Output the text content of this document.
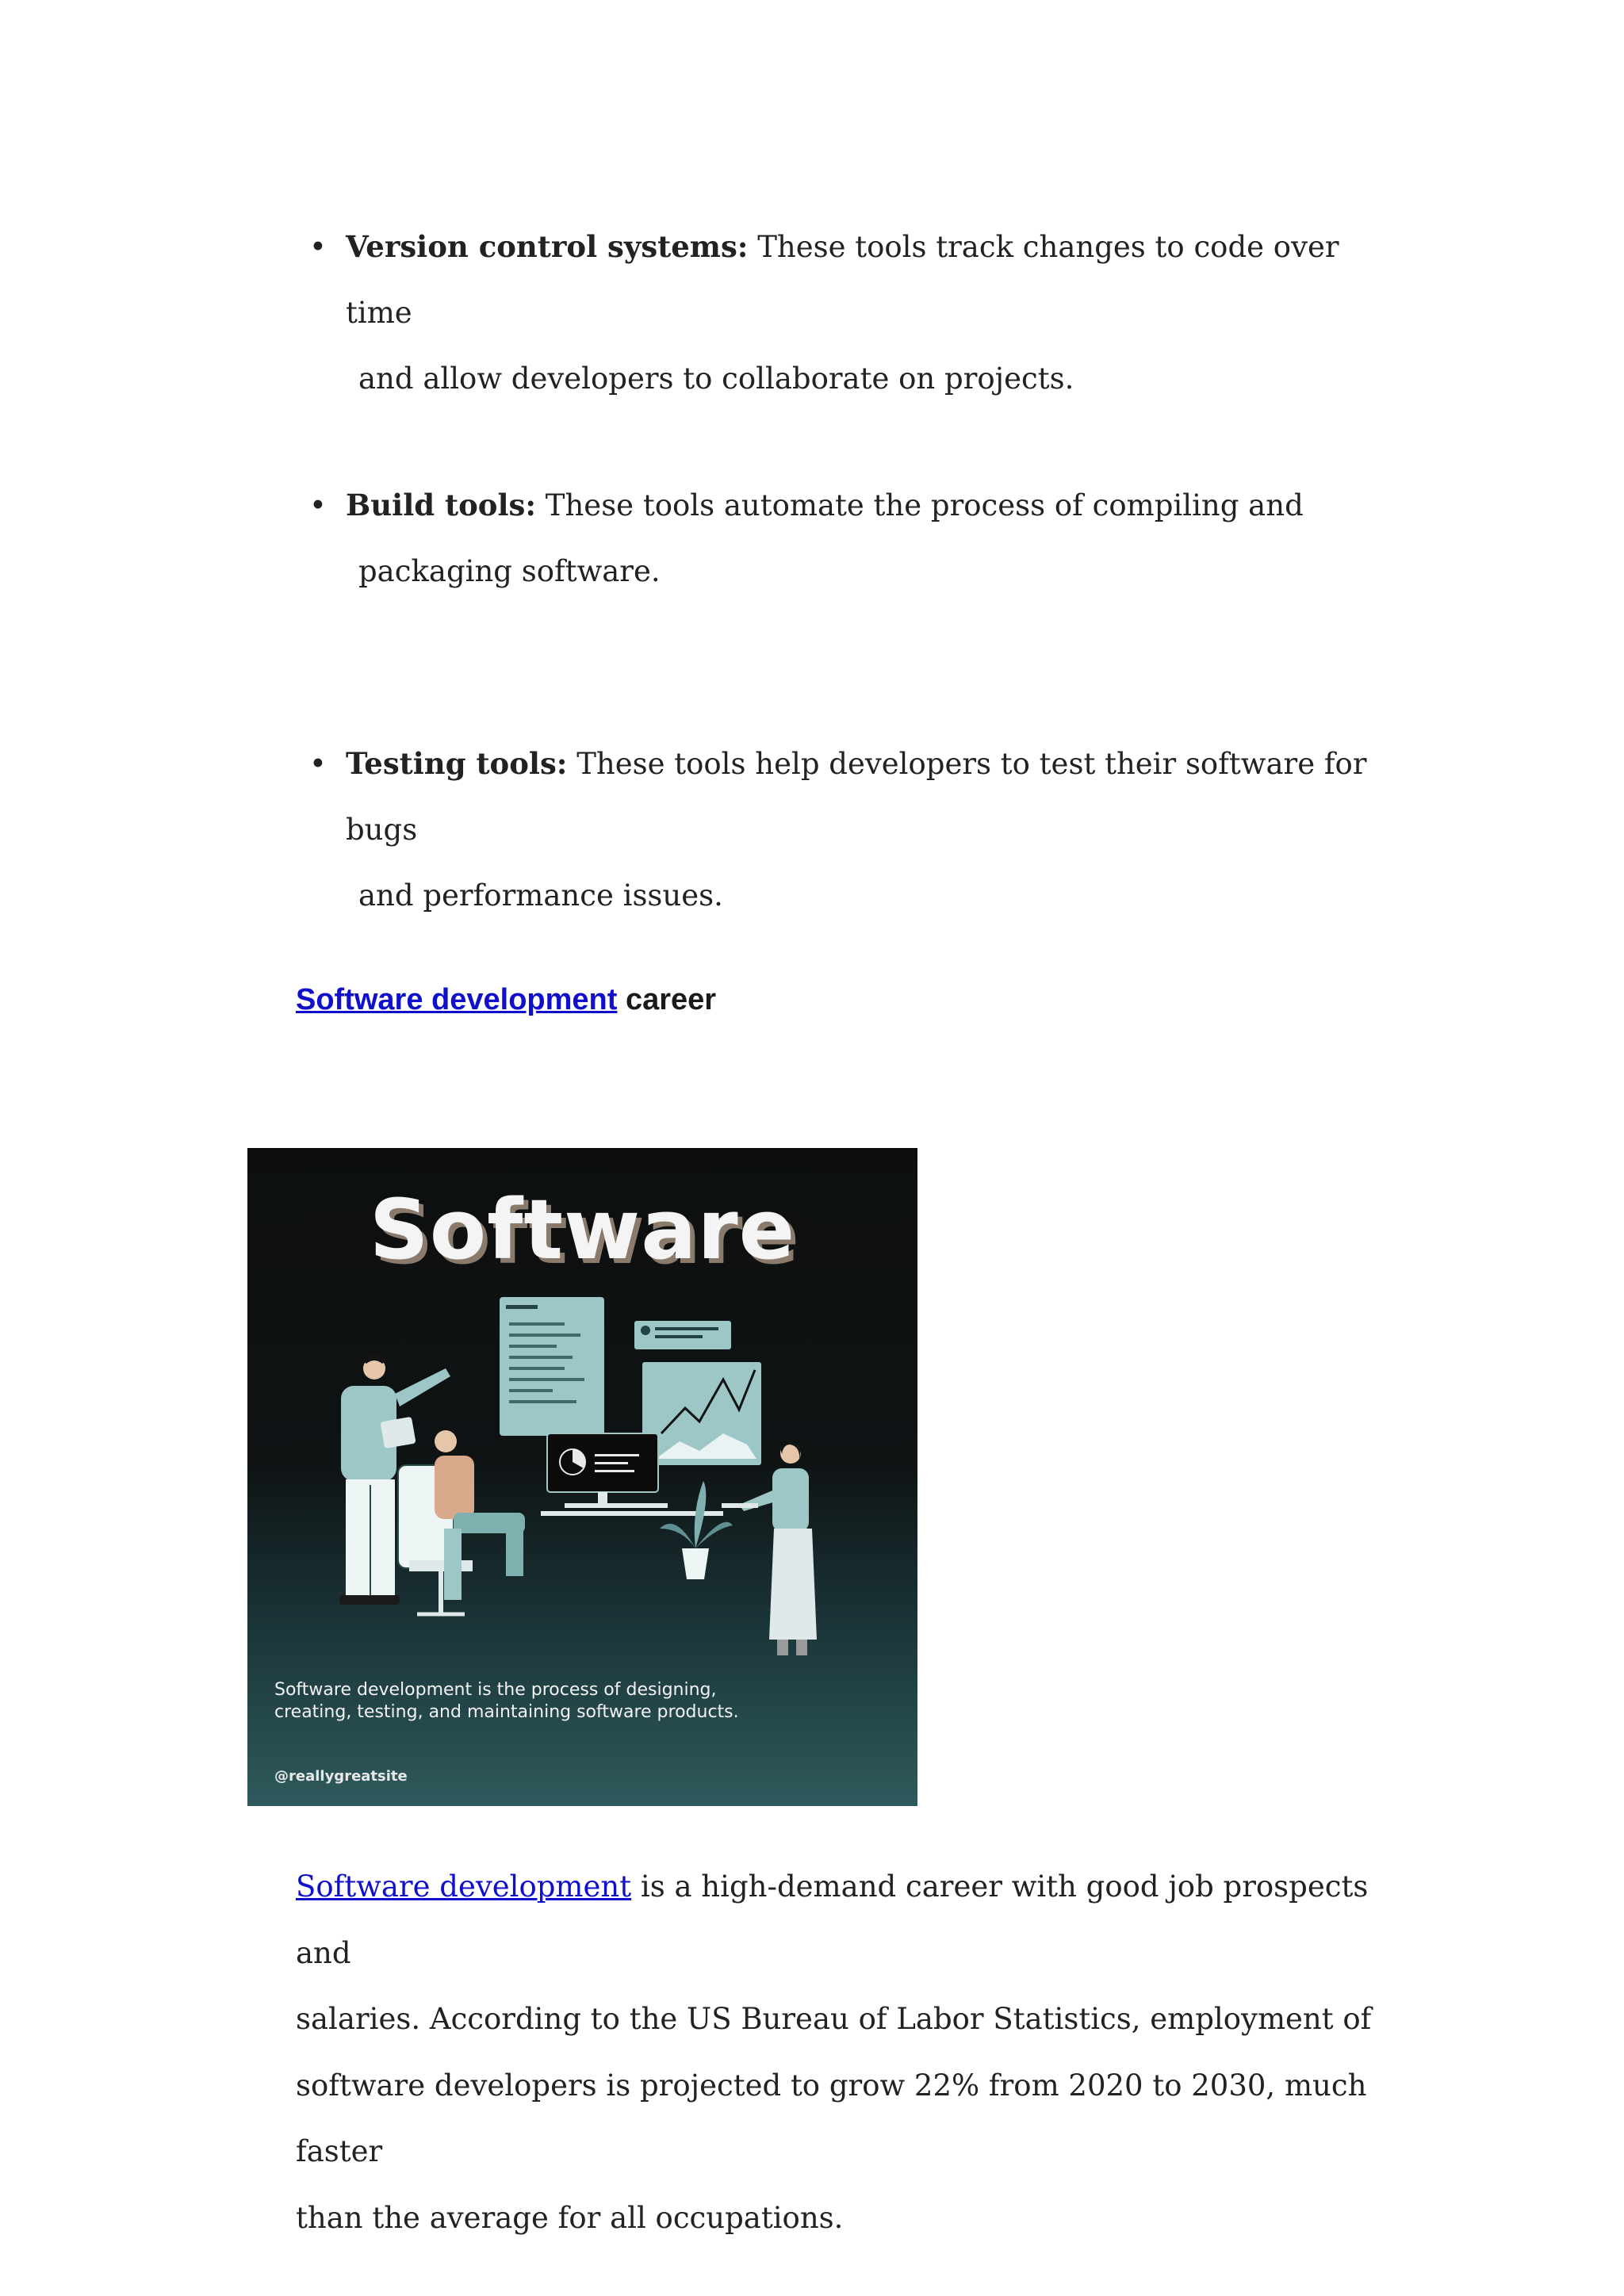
• Version control systems: These tools track changes to code over time
and allow developers to collaborate on projects.
• Build tools: These tools automate the process of compiling and
packaging software.
• Testing tools: These tools help developers to test their software for bugs
and performance issues.
Software development career
Software
Software development is the process of designing,
creating, testing, and maintaining software products.
@reallygreatsite
Software development is a high-demand career with good job prospects and
salaries. According to the US Bureau of Labor Statistics, employment of
software developers is projected to grow 22% from 2020 to 2030, much faster
than the average for all occupations.
